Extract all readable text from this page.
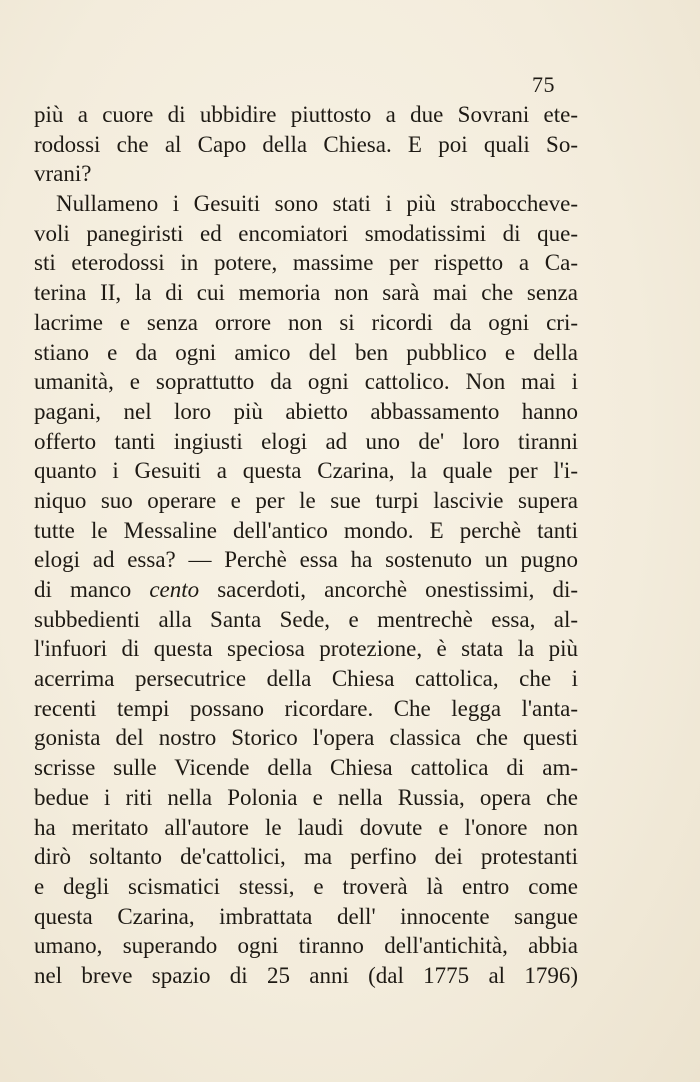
75
più a cuore di ubbidire piuttosto a due Sovrani ete-
rodossi che al Capo della Chiesa. E poi quali So-
vrani?
Nullameno i Gesuiti sono stati i più straboccheve-
voli panegiristi ed encomiatori smodatissimi di que-
sti eterodossi in potere, massime per rispetto a Ca-
terina II, la di cui memoria non sarà mai che senza
lacrime e senza orrore non si ricordi da ogni cri-
stiano e da ogni amico del ben pubblico e della
umanità, e soprattutto da ogni cattolico. Non mai i
pagani, nel loro più abietto abbassamento hanno
offerto tanti ingiusti elogi ad uno de' loro tiranni
quanto i Gesuiti a questa Czarina, la quale per l'i-
niquo suo operare e per le sue turpi lascivie supera
tutte le Messaline dell'antico mondo. E perchè tanti
elogi ad essa? — Perchè essa ha sostenuto un pugno
di manco cento sacerdoti, ancorchè onestissimi, di-
subbedienti alla Santa Sede, e mentrechè essa, al-
l'infuori di questa speciosa protezione, è stata la più
acerrima persecutrice della Chiesa cattolica, che i
recenti tempi possano ricordare. Che legga l'anta-
gonista del nostro Storico l'opera classica che questi
scrisse sulle Vicende della Chiesa cattolica di am-
bedue i riti nella Polonia e nella Russia, opera che
ha meritato all'autore le laudi dovute e l'onore non
dirò soltanto de'cattolici, ma perfino dei protestanti
e degli scismatici stessi, e troverà là entro come
questa Czarina, imbrattata dell' innocente sangue
umano, superando ogni tiranno dell'antichità, abbia
nel breve spazio di 25 anni (dal 1775 al 1796)
